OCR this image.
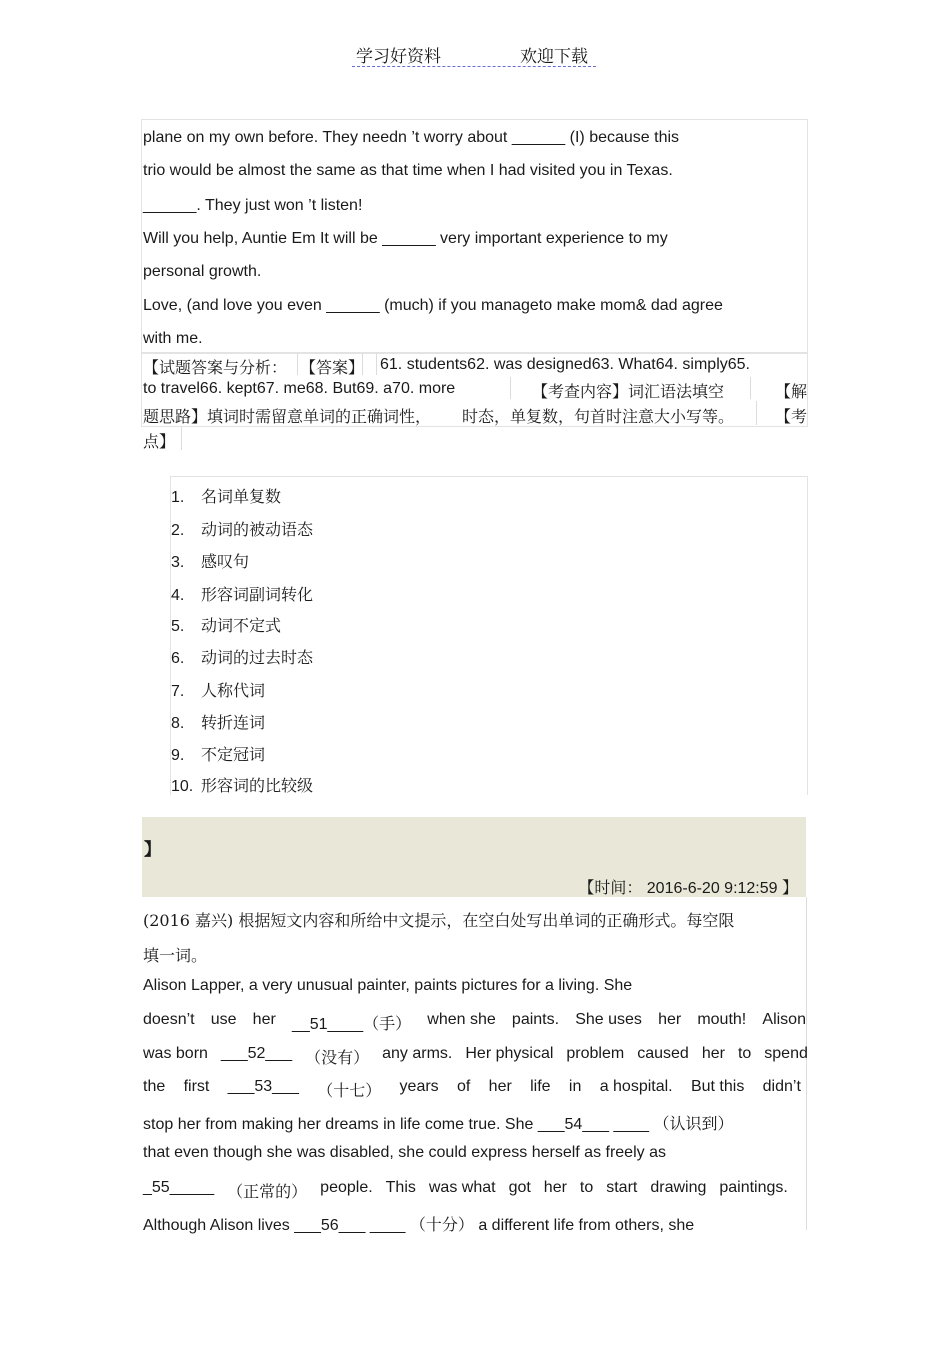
学习好资料	欢迎下载
plane on my own before. They needn ’t worry about ______ (I) because this
trio would be almost the same as that time when I had visited you in Texas.
______. They just won ’t listen!
Will you help, Auntie Em It will be ______ very important experience to my
personal growth.
Love, (and love you even ______ (much) if you manageto make mom& dad agree
with me.
【试题答案与分析： 【答案】 61. students62. was designed63. What64. simply65.
to travel66. kept67. me68. But69. a70. more	【考查内容】词汇语法填空	【解
题思路】填词时需留意单词的正确词性， 时态，单复数，句首时注意大小写等。	【考
点】
1. 名词单复数
2. 动词的被动语态
3. 感叹句
4. 形容词副词转化
5. 动词不定式
6. 动词的过去时态
7. 人称代词
8. 转折连词
9. 不定冠词
10. 形容词的比较级
】
【时间： 2016-6-20 9:12:59 】
(2016 嘉兴) 根据短文内容和所给中文提示，在空白处写出单词的正确形式。每空限
填一词。
Alison Lapper, a very unusual painter, paints pictures for a living. She
doesn’t use her __51____（手） when she paints. She uses her mouth! Alison
was born ___52___ （没有） any arms. Her physical problem caused her to spend
the first ___53___ （十七） years of her life in a hospital. But this didn’t
stop her from making her dreams in life come true. She ___54___ ____ （认识到）
that even though she was disabled, she could express herself as freely as
_55_____ （正常的） people. This was what got her to start drawing paintings.
Although Alison lives ___56___ ____ （十分） a different life from others, she
